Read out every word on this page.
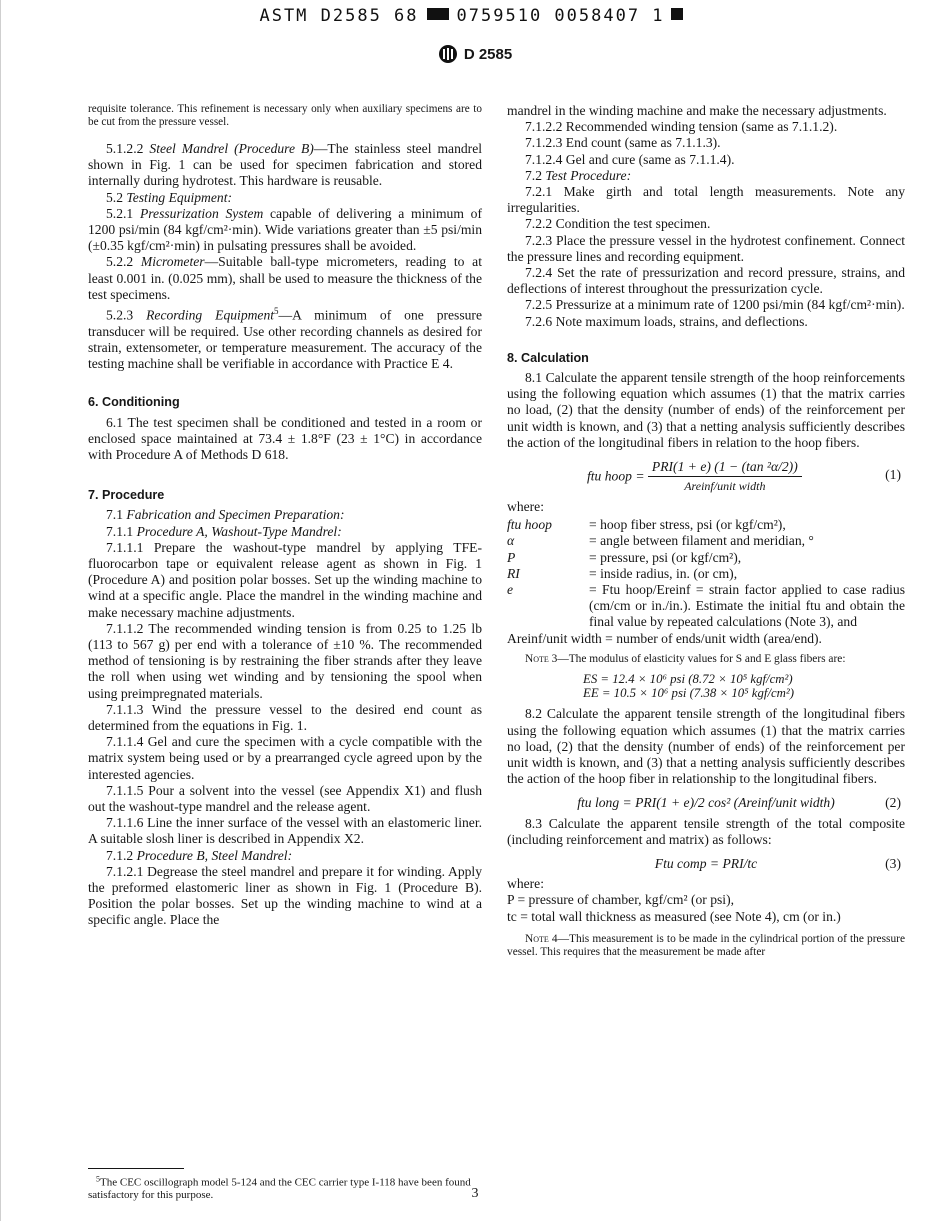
ASTM D2585 68 0759510 0058407 1
D 2585

requisite tolerance. This refinement is necessary only when auxiliary specimens are to be cut from the pressure vessel.

5.1.2.2 Steel Mandrel (Procedure B)—The stainless steel mandrel shown in Fig. 1 can be used for specimen fabrication and stored internally during hydrotest. This hardware is reusable.

5.2 Testing Equipment:

5.2.1 Pressurization System capable of delivering a minimum of 1200 psi/min (84 kgf/cm²·min). Wide variations greater than ±5 psi/min (±0.35 kgf/cm²·min) in pulsating pressures shall be avoided.

5.2.2 Micrometer—Suitable ball-type micrometers, reading to at least 0.001 in. (0.025 mm), shall be used to measure the thickness of the test specimens.

5.2.3 Recording Equipment$^5$—A minimum of one pressure transducer will be required. Use other recording channels as desired for strain, extensometer, or temperature measurement. The accuracy of the testing machine shall be verifiable in accordance with Practice E 4.

6. Conditioning

6.1 The test specimen shall be conditioned and tested in a room or enclosed space maintained at 73.4 ± 1.8°F (23 ± 1°C) in accordance with Procedure A of Methods D 618.

7. Procedure

7.1 Fabrication and Specimen Preparation:

7.1.1 Procedure A, Washout-Type Mandrel:

7.1.1.1 Prepare the washout-type mandrel by applying TFE-fluorocarbon tape or equivalent release agent as shown in Fig. 1 (Procedure A) and position polar bosses. Set up the winding machine to wind at a specific angle. Place the mandrel in the winding machine and make necessary machine adjustments.

7.1.1.2 The recommended winding tension is from 0.25 to 1.25 lb (113 to 567 g) per end with a tolerance of ±10 %. The recommended method of tensioning is by restraining the fiber strands after they leave the roll when using wet winding and by tensioning the spool when using preimpregnated materials.

7.1.1.3 Wind the pressure vessel to the desired end count as determined from the equations in Fig. 1.

7.1.1.4 Gel and cure the specimen with a cycle compatible with the matrix system being used or by a prearranged cycle agreed upon by the interested agencies.

7.1.1.5 Pour a solvent into the vessel (see Appendix X1) and flush out the washout-type mandrel and the release agent.

7.1.1.6 Line the inner surface of the vessel with an elastomeric liner. A suitable slosh liner is described in Appendix X2.

7.1.2 Procedure B, Steel Mandrel:

7.1.2.1 Degrease the steel mandrel and prepare it for winding. Apply the preformed elastomeric liner as shown in Fig. 1 (Procedure B). Position the polar bosses. Set up the winding machine to wind at a specific angle. Place the

$^5$The CEC oscillograph model 5-124 and the CEC carrier type I-118 have been found satisfactory for this purpose.

mandrel in the winding machine and make the necessary adjustments.

7.1.2.2 Recommended winding tension (same as 7.1.1.2).

7.1.2.3 End count (same as 7.1.1.3).

7.1.2.4 Gel and cure (same as 7.1.1.4).

7.2 Test Procedure:

7.2.1 Make girth and total length measurements. Note any irregularities.

7.2.2 Condition the test specimen.

7.2.3 Place the pressure vessel in the hydrotest confinement. Connect the pressure lines and recording equipment.

7.2.4 Set the rate of pressurization and record pressure, strains, and deflections of interest throughout the pressurization cycle.

7.2.5 Pressurize at a minimum rate of 1200 psi/min (84 kgf/cm²·min).

7.2.6 Note maximum loads, strains, and deflections.

8. Calculation

8.1 Calculate the apparent tensile strength of the hoop reinforcements using the following equation which assumes (1) that the matrix carries no load, (2) that the density (number of ends) of the reinforcement per unit width is known, and (3) that a netting analysis sufficiently describes the action of the longitudinal fibers in relation to the hoop fibers.

ftu hoop = $\frac{\text{PRI(1 + e) (1 − (tan ²α/2))}}{\text{Areinf/unit width}}$	(1)

where:

ftu hoop	= hoop fiber stress, psi (or kgf/cm²),
α	= angle between filament and meridian, °
P	= pressure, psi (or kgf/cm²),
RI	= inside radius, in. (or cm),
e	= Ftu hoop/Ereinf = strain factor applied to case radius (cm/cm or in./in.). Estimate the initial ftu and obtain the final value by repeated calculations (Note 3), and

Areinf/unit width = number of ends/unit width (area/end).

Note 3—The modulus of elasticity values for S and E glass fibers are:

ES = 12.4 × 10⁶ psi (8.72 × 10⁵ kgf/cm²)
EE = 10.5 × 10⁶ psi (7.38 × 10⁵ kgf/cm²)

8.2 Calculate the apparent tensile strength of the longitudinal fibers using the following equation which assumes (1) that the matrix carries no load, (2) that the density (number of ends) of the reinforcement per unit width is known, and (3) that a netting analysis sufficiently describes the action of the hoop fiber in relationship to the longitudinal fibers.

ftu long = PRI(1 + e)/2 cos² (Areinf/unit width)	(2)

8.3 Calculate the apparent tensile strength of the total composite (including reinforcement and matrix) as follows:

Ftu comp = PRI/tc	(3)

where:

P = pressure of chamber, kgf/cm² (or psi),

tc = total wall thickness as measured (see Note 4), cm (or in.)

Note 4—This measurement is to be made in the cylindrical portion of the pressure vessel. This requires that the measurement be made after

3
